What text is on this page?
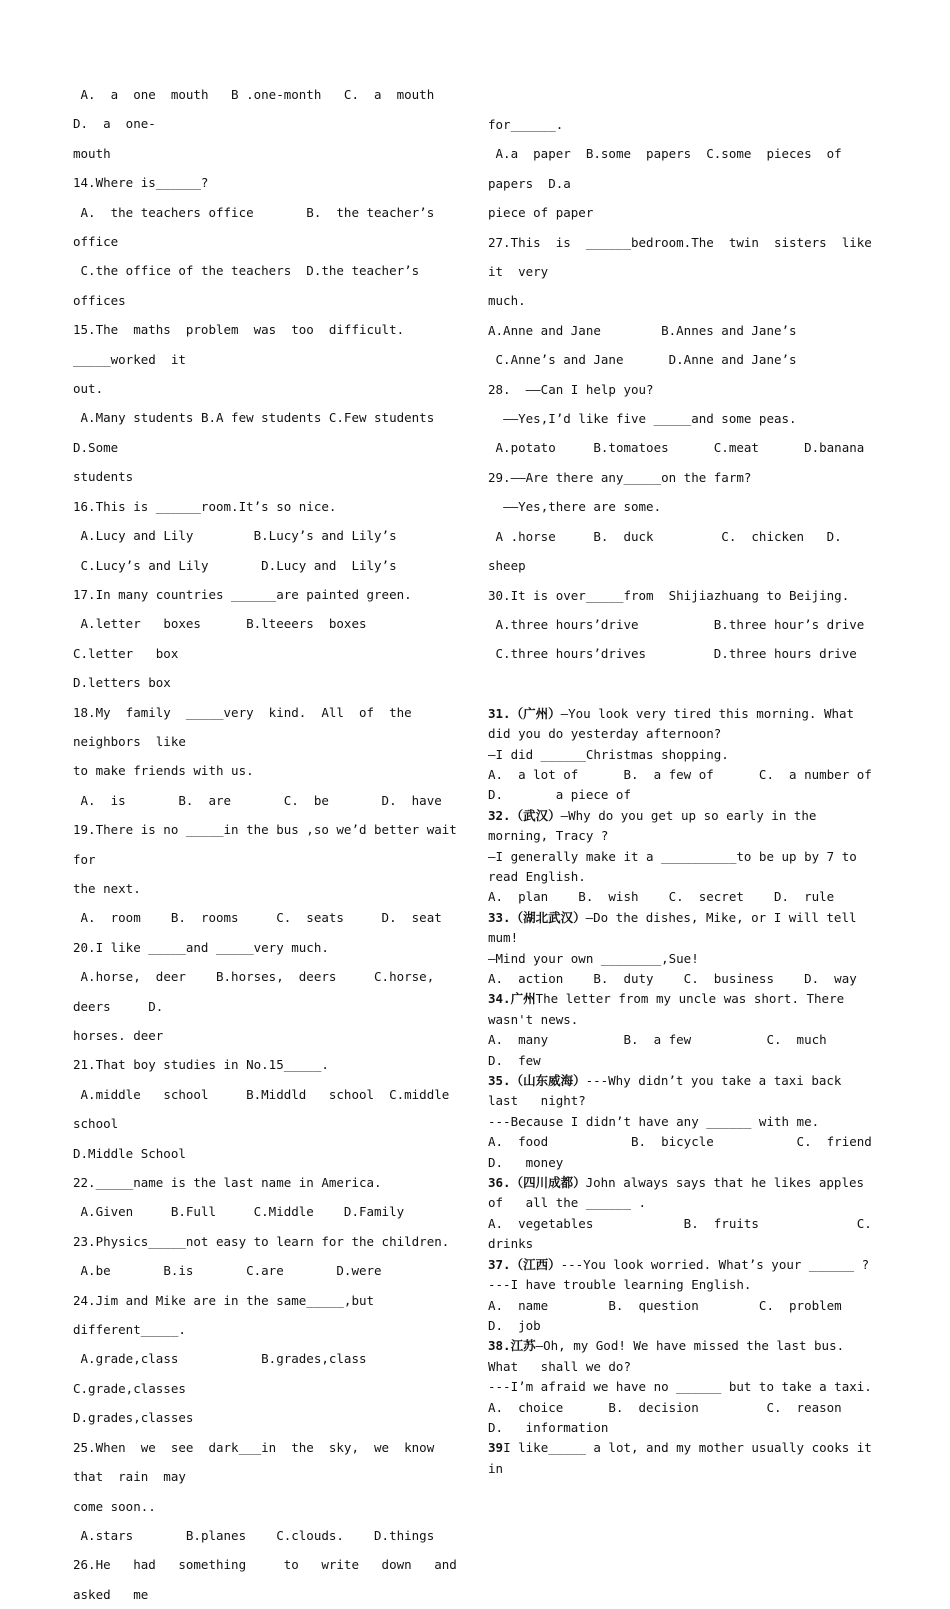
A.  a  one  mouth   B .one-month   C.  a  mouth     D.  a  one-
mouth
14.Where is______?
A.  the teachers office       B.  the teacher’s office
C.the office of the teachers  D.the teacher’s offices
15.The  maths  problem  was  too  difficult.  _____worked  it
out.
A.Many students B.A few students C.Few students  D.Some
students
16.This is ______room.It’s so nice.
A.Lucy and Lily        B.Lucy’s and Lily’s
C.Lucy’s and Lily       D.Lucy and  Lily’s
17.In many countries ______are painted green.
A.letter   boxes      B.lteeers  boxes      C.letter   box
D.letters box
18.My  family  _____very  kind.  All  of  the  neighbors  like
to make friends with us.
A.  is       B.  are       C.  be       D.  have
19.There is no _____in the bus ,so we’d better wait for
the next.
A.  room    B.  rooms     C.  seats     D.  seat
20.I like _____and _____very much.
A.horse,  deer    B.horses,  deers     C.horse,  deers     D.
horses. deer
21.That boy studies in No.15_____.
A.middle   school     B.Middld   school  C.middle   school
D.Middle School
22._____name is the last name in America.
A.Given     B.Full     C.Middle    D.Family
23.Physics_____not easy to learn for the children.
A.be       B.is       C.are       D.were
24.Jim and Mike are in the same_____,but different_____.
A.grade,class           B.grades,class          C.grade,classes
D.grades,classes
25.When  we  see  dark___in  the  sky,  we  know  that  rain  may
come soon..
A.stars       B.planes    C.clouds.    D.things
26.He   had   something     to   write   down   and   asked   me

for______.
A.a  paper  B.some  papers  C.some  pieces  of  papers  D.a
piece of paper
27.This  is  ______bedroom.The  twin  sisters  like  it  very
much.
A.Anne and Jane        B.Annes and Jane’s
C.Anne’s and Jane      D.Anne and Jane’s
28.  ——Can I help you?
——Yes,I’d like five _____and some peas.
A.potato     B.tomatoes      C.meat      D.banana
29.——Are there any_____on the farm?
——Yes,there are some.
A .horse     B.  duck         C.  chicken   D.  sheep
30.It is over_____from  Shijiazhuang to Beijing.
A.three hours’drive          B.three hour’s drive
C.three hours’drives         D.three hours drive

31.（广州）—You look very tired this morning. What did you do yesterday afternoon?
—I did ______Christmas shopping.
A.  a lot of      B.  a few of      C.  a number of  D.       a piece of
32.（武汉）—Why do you get up so early in the morning, Tracy ?
—I generally make it a __________to be up by 7 to read English.
A.  plan    B.  wish    C.  secret    D.  rule
33.（湖北武汉）—Do the dishes, Mike, or I will tell mum!
—Mind your own ________,Sue!
A.  action    B.  duty    C.  business    D.  way
34.广州The letter from my uncle was short. There wasn't news.
A.  many          B.  a few          C.  much       D.  few
35.（山东威海）---Why didn’t you take a taxi back last   night?
---Because I didn’t have any ______ with me.
A.  food           B.  bicycle           C.  friend          D.   money
36.（四川成都）John always says that he likes apples of   all the ______ .
A.  vegetables            B.  fruits             C.  drinks
37.（江西）---You look worried. What’s your ______ ?
---I have trouble learning English.
A.  name        B.  question        C.  problem       D.  job
38.江苏—Oh, my God! We have missed the last bus. What   shall we do?
---I’m afraid we have no ______ but to take a taxi.
A.  choice      B.  decision         C.  reason            D.   information
39I like_____ a lot, and my mother usually cooks it in
